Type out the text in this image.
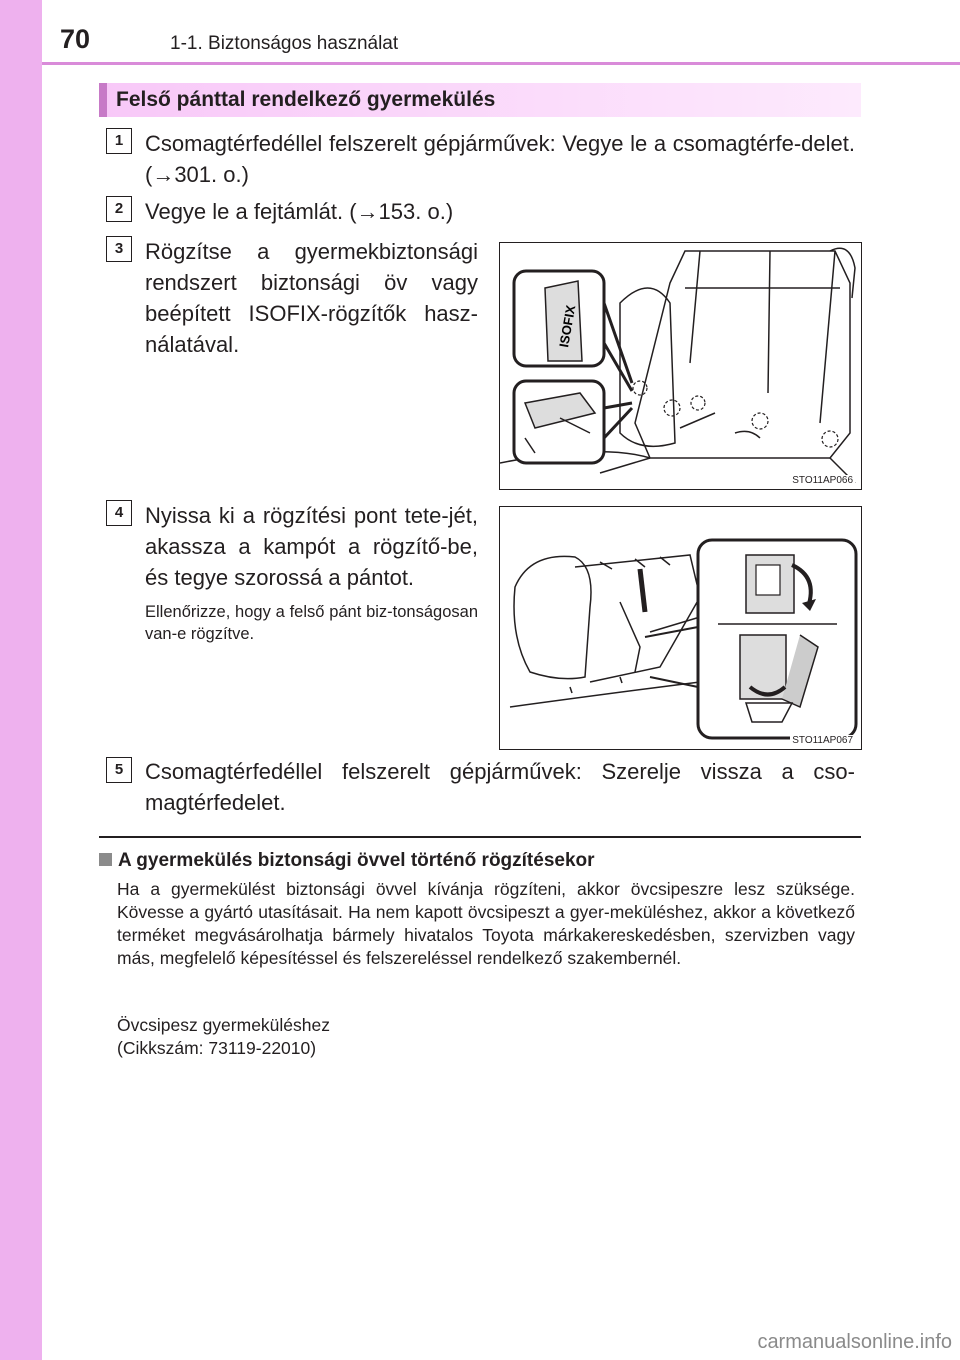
70	1-1. Biztonságos használat
Felső pánttal rendelkező gyermekülés
1 Csomagtérfedéllel felszerelt gépjárművek: Vegye le a csomagtérfe-delet. (→301. o.)
2 Vegye le a fejtámlát. (→153. o.)
3 Rögzítse a gyermekbiztonsági rendszert biztonsági öv vagy beépített ISOFIX-rögzítők hasz-nálatával.	ISOFIX
STO11AP066
4 Nyissa ki a rögzítési pont tete-jét, akassza a kampót a rögzítő-be, és tegye szorossá a pántot.
Ellenőrizze, hogy a felső pánt biz-tonságosan van-e rögzítve.
STO11AP067
5 Csomagtérfedéllel felszerelt gépjárművek: Szerelje vissza a cso-magtérfedelet.
A gyermekülés biztonsági övvel történő rögzítésekor
Ha a gyermekülést biztonsági övvel kívánja rögzíteni, akkor övcsipeszre lesz szüksége. Kövesse a gyártó utasításait. Ha nem kapott övcsipeszt a gyer-meküléshez, akkor a következő terméket megvásárolhatja bármely hivatalos Toyota márkakereskedésben, szervizben vagy más, megfelelő képesítéssel és felszereléssel rendelkező szakembernél.
Övcsipesz gyermeküléshez
(Cikkszám: 73119-22010)
carmanualsonline.info
